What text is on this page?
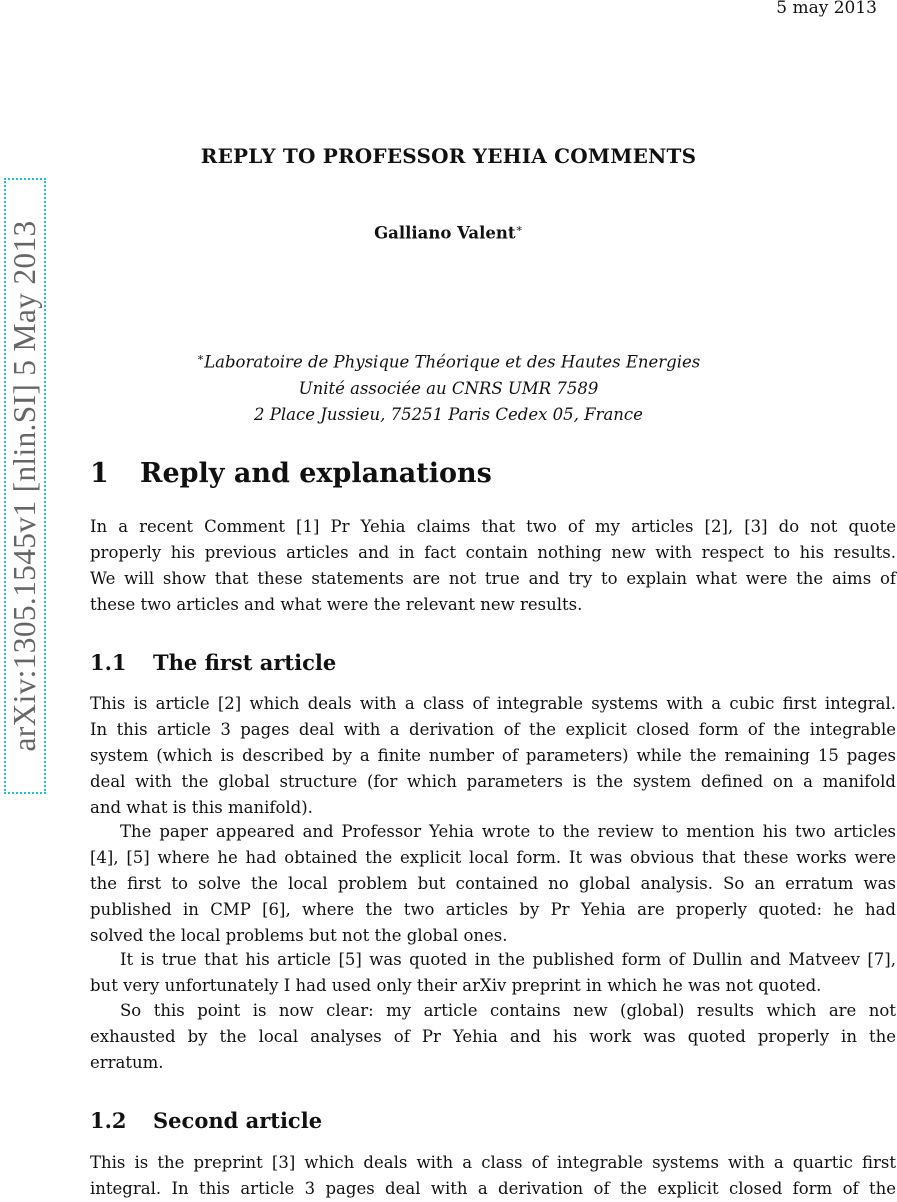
5 may 2013
arXiv:1305.1545v1 [nlin.SI] 5 May 2013
REPLY TO PROFESSOR YEHIA COMMENTS
Galliano Valent∗
∗Laboratoire de Physique Théorique et des Hautes Energies
Unité associée au CNRS UMR 7589
2 Place Jussieu, 75251 Paris Cedex 05, France
1 Reply and explanations
In a recent Comment [1] Pr Yehia claims that two of my articles [2], [3] do not quote
properly his previous articles and in fact contain nothing new with respect to his results.
We will show that these statements are not true and try to explain what were the aims of
these two articles and what were the relevant new results.
1.1 The first article
This is article [2] which deals with a class of integrable systems with a cubic first integral.
In this article 3 pages deal with a derivation of the explicit closed form of the integrable
system (which is described by a finite number of parameters) while the remaining 15 pages
deal with the global structure (for which parameters is the system defined on a manifold
and what is this manifold).
The paper appeared and Professor Yehia wrote to the review to mention his two articles
[4], [5] where he had obtained the explicit local form. It was obvious that these works were
the first to solve the local problem but contained no global analysis. So an erratum was
published in CMP [6], where the two articles by Pr Yehia are properly quoted: he had
solved the local problems but not the global ones.
It is true that his article [5] was quoted in the published form of Dullin and Matveev [7],
but very unfortunately I had used only their arXiv preprint in which he was not quoted.
So this point is now clear: my article contains new (global) results which are not
exhausted by the local analyses of Pr Yehia and his work was quoted properly in the
erratum.
1.2 Second article
This is the preprint [3] which deals with a class of integrable systems with a quartic first
integral. In this article 3 pages deal with a derivation of the explicit closed form of the
